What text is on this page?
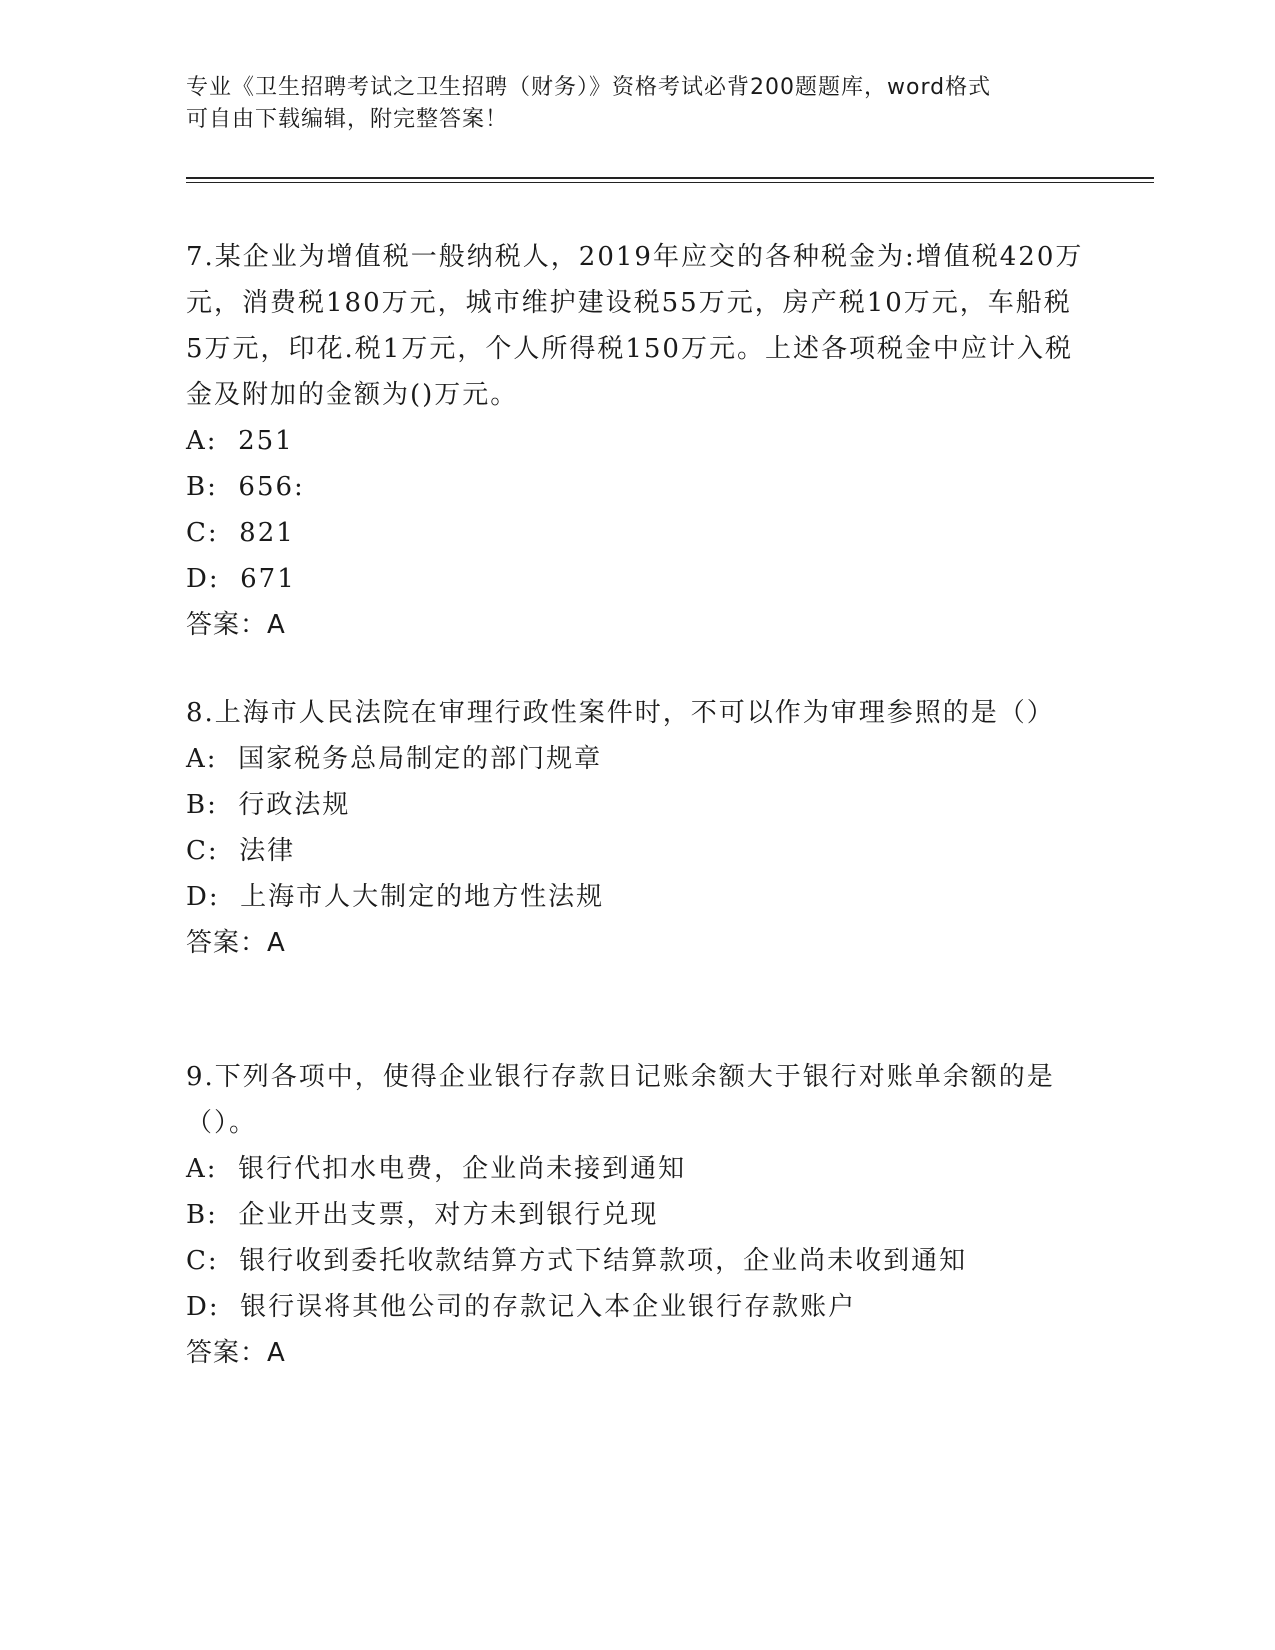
专业《卫生招聘考试之卫生招聘（财务）》资格考试必背200题题库，word格式
可自由下载编辑，附完整答案！

7.某企业为增值税一般纳税人，2019年应交的各种税金为:增值税420万元，消费税180万元，城市维护建设税55万元，房产税10万元，车船税5万元，印花.税1万元，个人所得税150万元。上述各项税金中应计入税金及附加的金额为()万元。

A:  251

B:  656:

C:  821

D:  671

答案：A

8.上海市人民法院在审理行政性案件时，不可以作为审理参照的是（）

A:  国家税务总局制定的部门规章

B:  行政法规

C:  法律

D:  上海市人大制定的地方性法规

答案：A

9.下列各项中，使得企业银行存款日记账余额大于银行对账单余额的是（）。

A:  银行代扣水电费，企业尚未接到通知

B:  企业开出支票，对方未到银行兑现

C:  银行收到委托收款结算方式下结算款项，企业尚未收到通知

D:  银行误将其他公司的存款记入本企业银行存款账户

答案：A
